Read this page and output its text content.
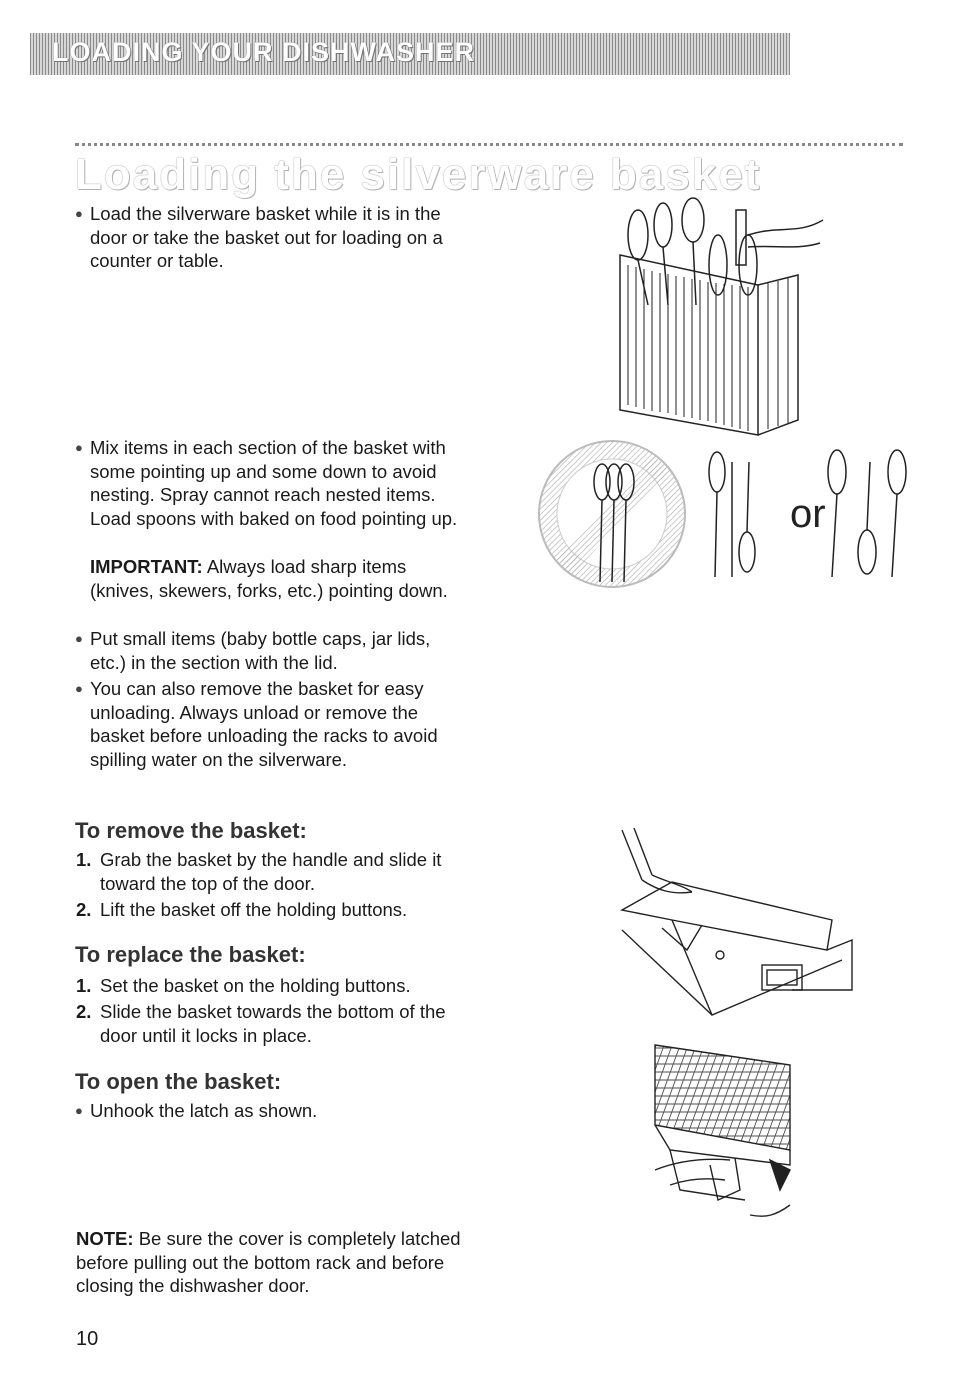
LOADING YOUR DISHWASHER
Loading the silverware basket
● Load the silverware basket while it is in the door or take the basket out for loading on a counter or table.
● Mix items in each section of the basket with some pointing up and some down to avoid nesting. Spray cannot reach nested items. Load spoons with baked on food pointing up.
IMPORTANT: Always load sharp items (knives, skewers, forks, etc.) pointing down.
● Put small items (baby bottle caps, jar lids, etc.) in the section with the lid.
● You can also remove the basket for easy unloading. Always unload or remove the basket before unloading the racks to avoid spilling water on the silverware.
or
To remove the basket:
1. Grab the basket by the handle and slide it toward the top of the door.
2. Lift the basket off the holding buttons.
To replace the basket:
1. Set the basket on the holding buttons.
2. Slide the basket towards the bottom of the door until it locks in place.
To open the basket:
● Unhook the latch as shown.
NOTE: Be sure the cover is completely latched before pulling out the bottom rack and before closing the dishwasher door.
10
